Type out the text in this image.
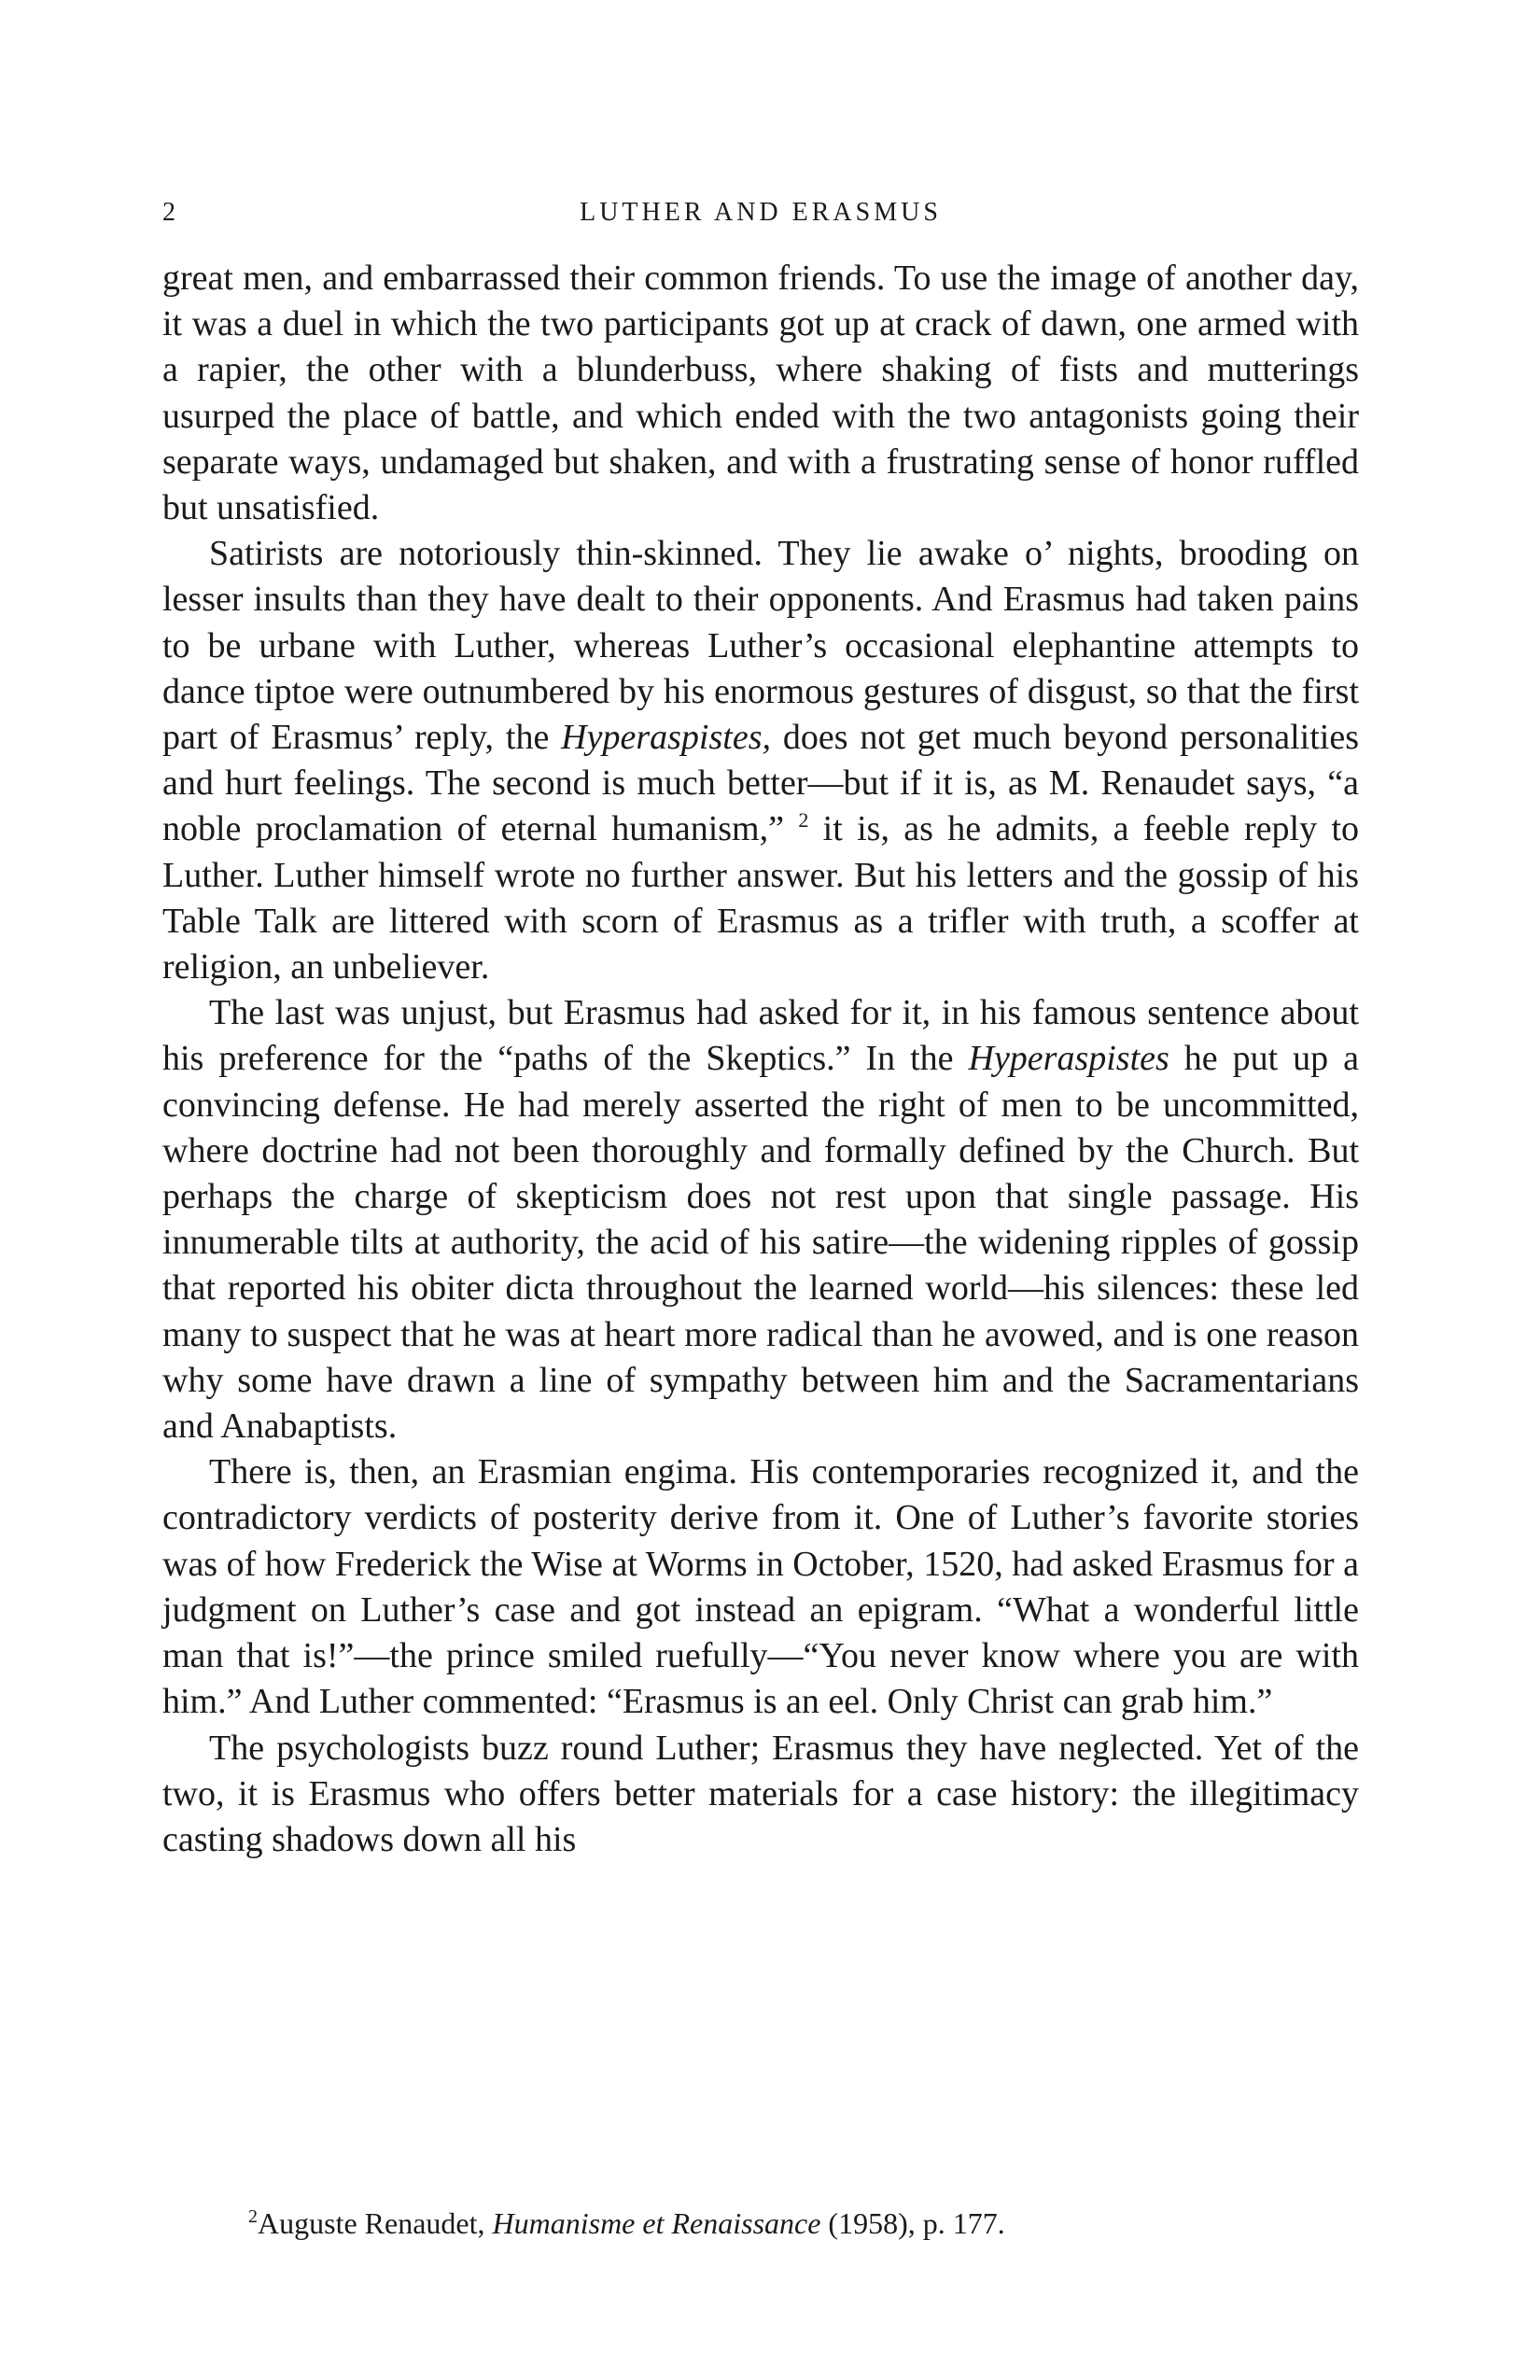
2	LUTHER AND ERASMUS

great men, and embarrassed their common friends. To use the image of another day, it was a duel in which the two participants got up at crack of dawn, one armed with a rapier, the other with a blunderbuss, where shaking of fists and mutterings usurped the place of battle, and which ended with the two antagonists going their separate ways, undamaged but shaken, and with a frustrating sense of honor ruffled but unsatisfied.

Satirists are notoriously thin-skinned. They lie awake o’ nights, brooding on lesser insults than they have dealt to their opponents. And Erasmus had taken pains to be urbane with Luther, whereas Luther’s occasional elephantine attempts to dance tiptoe were outnumbered by his enormous gestures of disgust, so that the first part of Erasmus’ reply, the Hyperaspistes, does not get much beyond personalities and hurt feelings. The second is much better—but if it is, as M. Renaudet says, “a noble proclamation of eternal humanism,” $^2$ it is, as he admits, a feeble reply to Luther. Luther himself wrote no further answer. But his letters and the gossip of his Table Talk are littered with scorn of Erasmus as a trifler with truth, a scoffer at religion, an unbeliever.

The last was unjust, but Erasmus had asked for it, in his famous sentence about his preference for the “paths of the Skeptics.” In the Hyperaspistes he put up a convincing defense. He had merely asserted the right of men to be uncommitted, where doctrine had not been thoroughly and formally defined by the Church. But perhaps the charge of skepticism does not rest upon that single passage. His innumerable tilts at authority, the acid of his satire—the widening ripples of gossip that reported his obiter dicta throughout the learned world—his silences: these led many to suspect that he was at heart more radical than he avowed, and is one reason why some have drawn a line of sympathy between him and the Sacramentarians and Anabaptists.

There is, then, an Erasmian engima. His contemporaries recognized it, and the contradictory verdicts of posterity derive from it. One of Luther’s favorite stories was of how Frederick the Wise at Worms in October, 1520, had asked Erasmus for a judgment on Luther’s case and got instead an epigram. “What a wonderful little man that is!”—the prince smiled ruefully—“You never know where you are with him.” And Luther commented: “Erasmus is an eel. Only Christ can grab him.”

The psychologists buzz round Luther; Erasmus they have neglected. Yet of the two, it is Erasmus who offers better materials for a case history: the illegitimacy casting shadows down all his

$^2$Auguste Renaudet, Humanisme et Renaissance (1958), p. 177.
